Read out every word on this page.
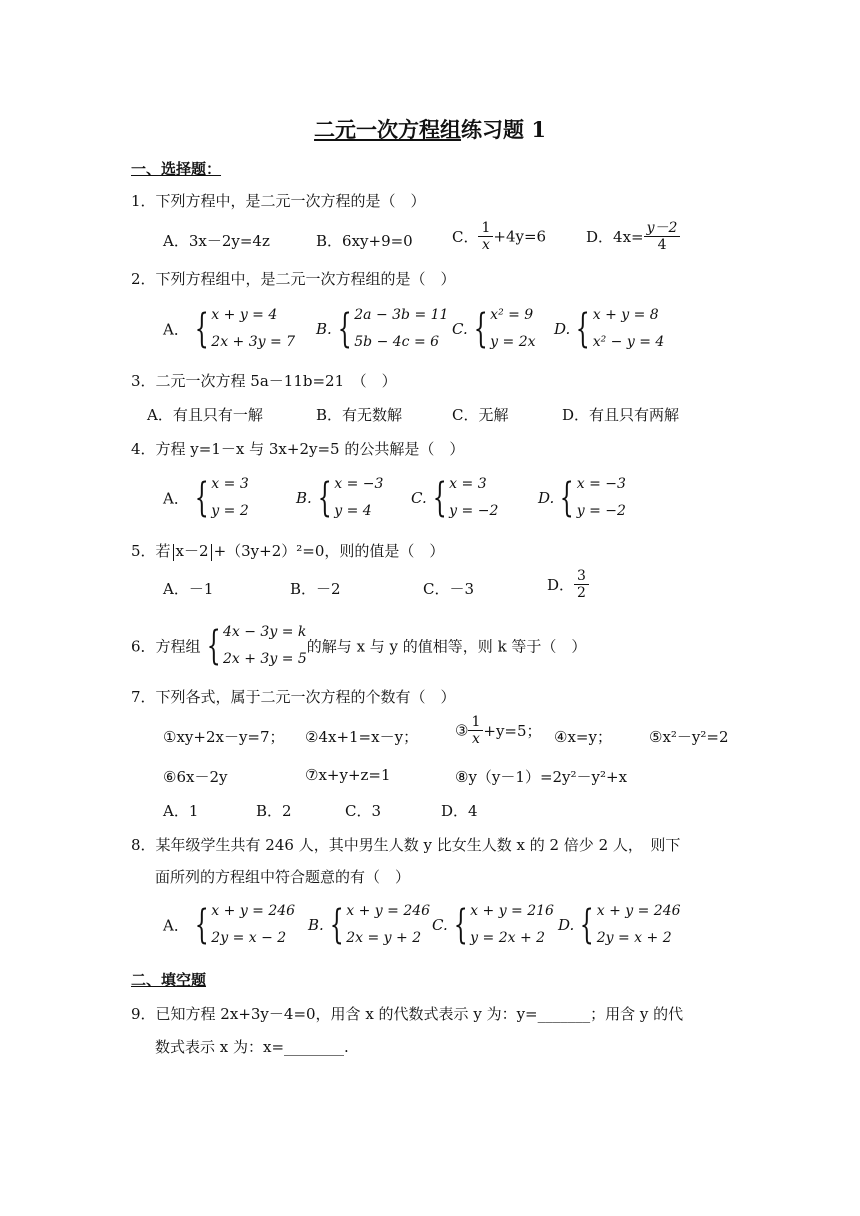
二元一次方程组练习题 1
一、选择题：
1．下列方程中，是二元一次方程的是（　）
A．3x－2y=4z	B．6xy+9=0	C． $\frac{1}{x} +4y=6$	D．$4x= \frac{y-2}{4}$
2．下列方程组中，是二元一次方程组的是（　）
A． { x + y = 4
2x + 3y = 7
B. { 2a − 3b = 11
5b − 4c = 6
C. { x² = 9
y = 2x
D. { x + y = 8
x² − y = 4
3．二元一次方程 5a－11b=21　（　）
A．有且只有一解	B．有无数解	C．无解	D．有且只有两解
4．方程 y=1－x 与 3x+2y=5 的公共解是（　）
A． { x = 3
y = 2
B. { x = −3
y = 4
C. { x = 3
y = −2
D. { x = −3
y = −2
5．若 x－2 +（3y+2）²=0，则的值是（　）
A．－1	B．－2	C．－3	D． $\frac{3}{2}$
6．方程组 { 4x − 3y = k
2x + 3y = 5
的解与 x 与 y 的值相等，则 k 等于（　）
7．下列各式，属于二元一次方程的个数有（　）
①xy+2x－y=7； ②4x+1=x－y； ③ $\frac{1}{x} +y=5$； ④x=y； ⑤x²－y²=2
⑥6x－2y	⑦x+y+z=1	⑧y（y－1）=2y²－y²+x
A．1	B．2	C．3	D．4
8．某年级学生共有 246 人，其中男生人数 y 比女生人数 x 的 2 倍少 2 人，　则下
面所列的方程组中符合题意的有（　）
A． { x + y = 246
2y = x − 2
B. { x + y = 246
2x = y + 2
C. { x + y = 216
y = 2x + 2
D. { x + y = 246
2y = x + 2
二、填空题
9．已知方程 2x+3y－4=0，用含 x 的代数式表示 y 为：y=_______；用含 y 的代
数式表示 x 为：x=________.
